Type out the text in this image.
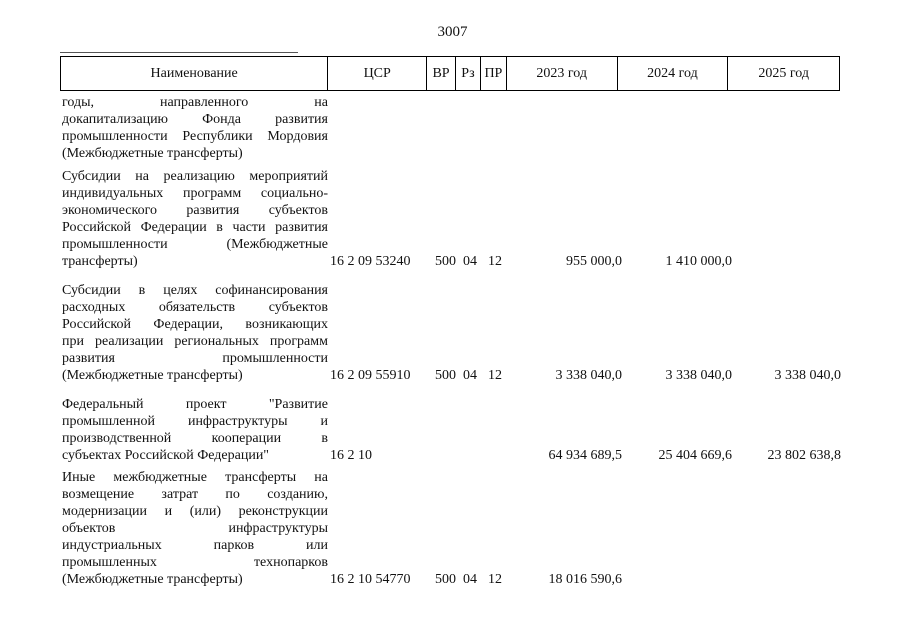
3007
Наименование	ЦСР	ВР Рз ПР	2023 год	2024 год	2025 год
годы, направленного на
докапитализацию Фонда развития
промышленности Республики Мордовия
(Межбюджетные трансферты)
Субсидии на реализацию мероприятий
индивидуальных программ социально-
экономического развития субъектов
Российской Федерации в части развития
промышленности (Межбюджетные
трансферты)	16 2 09 53240 500 04 12	955 000,0	1 410 000,0
Субсидии в целях софинансирования
расходных обязательств субъектов
Российской Федерации, возникающих
при реализации региональных программ
развития промышленности
(Межбюджетные трансферты)	16 2 09 55910 500 04 12	3 338 040,0	3 338 040,0	3 338 040,0
Федеральный проект "Развитие
промышленной инфраструктуры и
производственной кооперации в
субъектах Российской Федерации"	16 2 10	64 934 689,5	25 404 669,6	23 802 638,8
Иные межбюджетные трансферты на
возмещение затрат по созданию,
модернизации и (или) реконструкции
объектов инфраструктуры
индустриальных парков или
промышленных технопарков
(Межбюджетные трансферты)	16 2 10 54770 500 04 12	18 016 590,6
